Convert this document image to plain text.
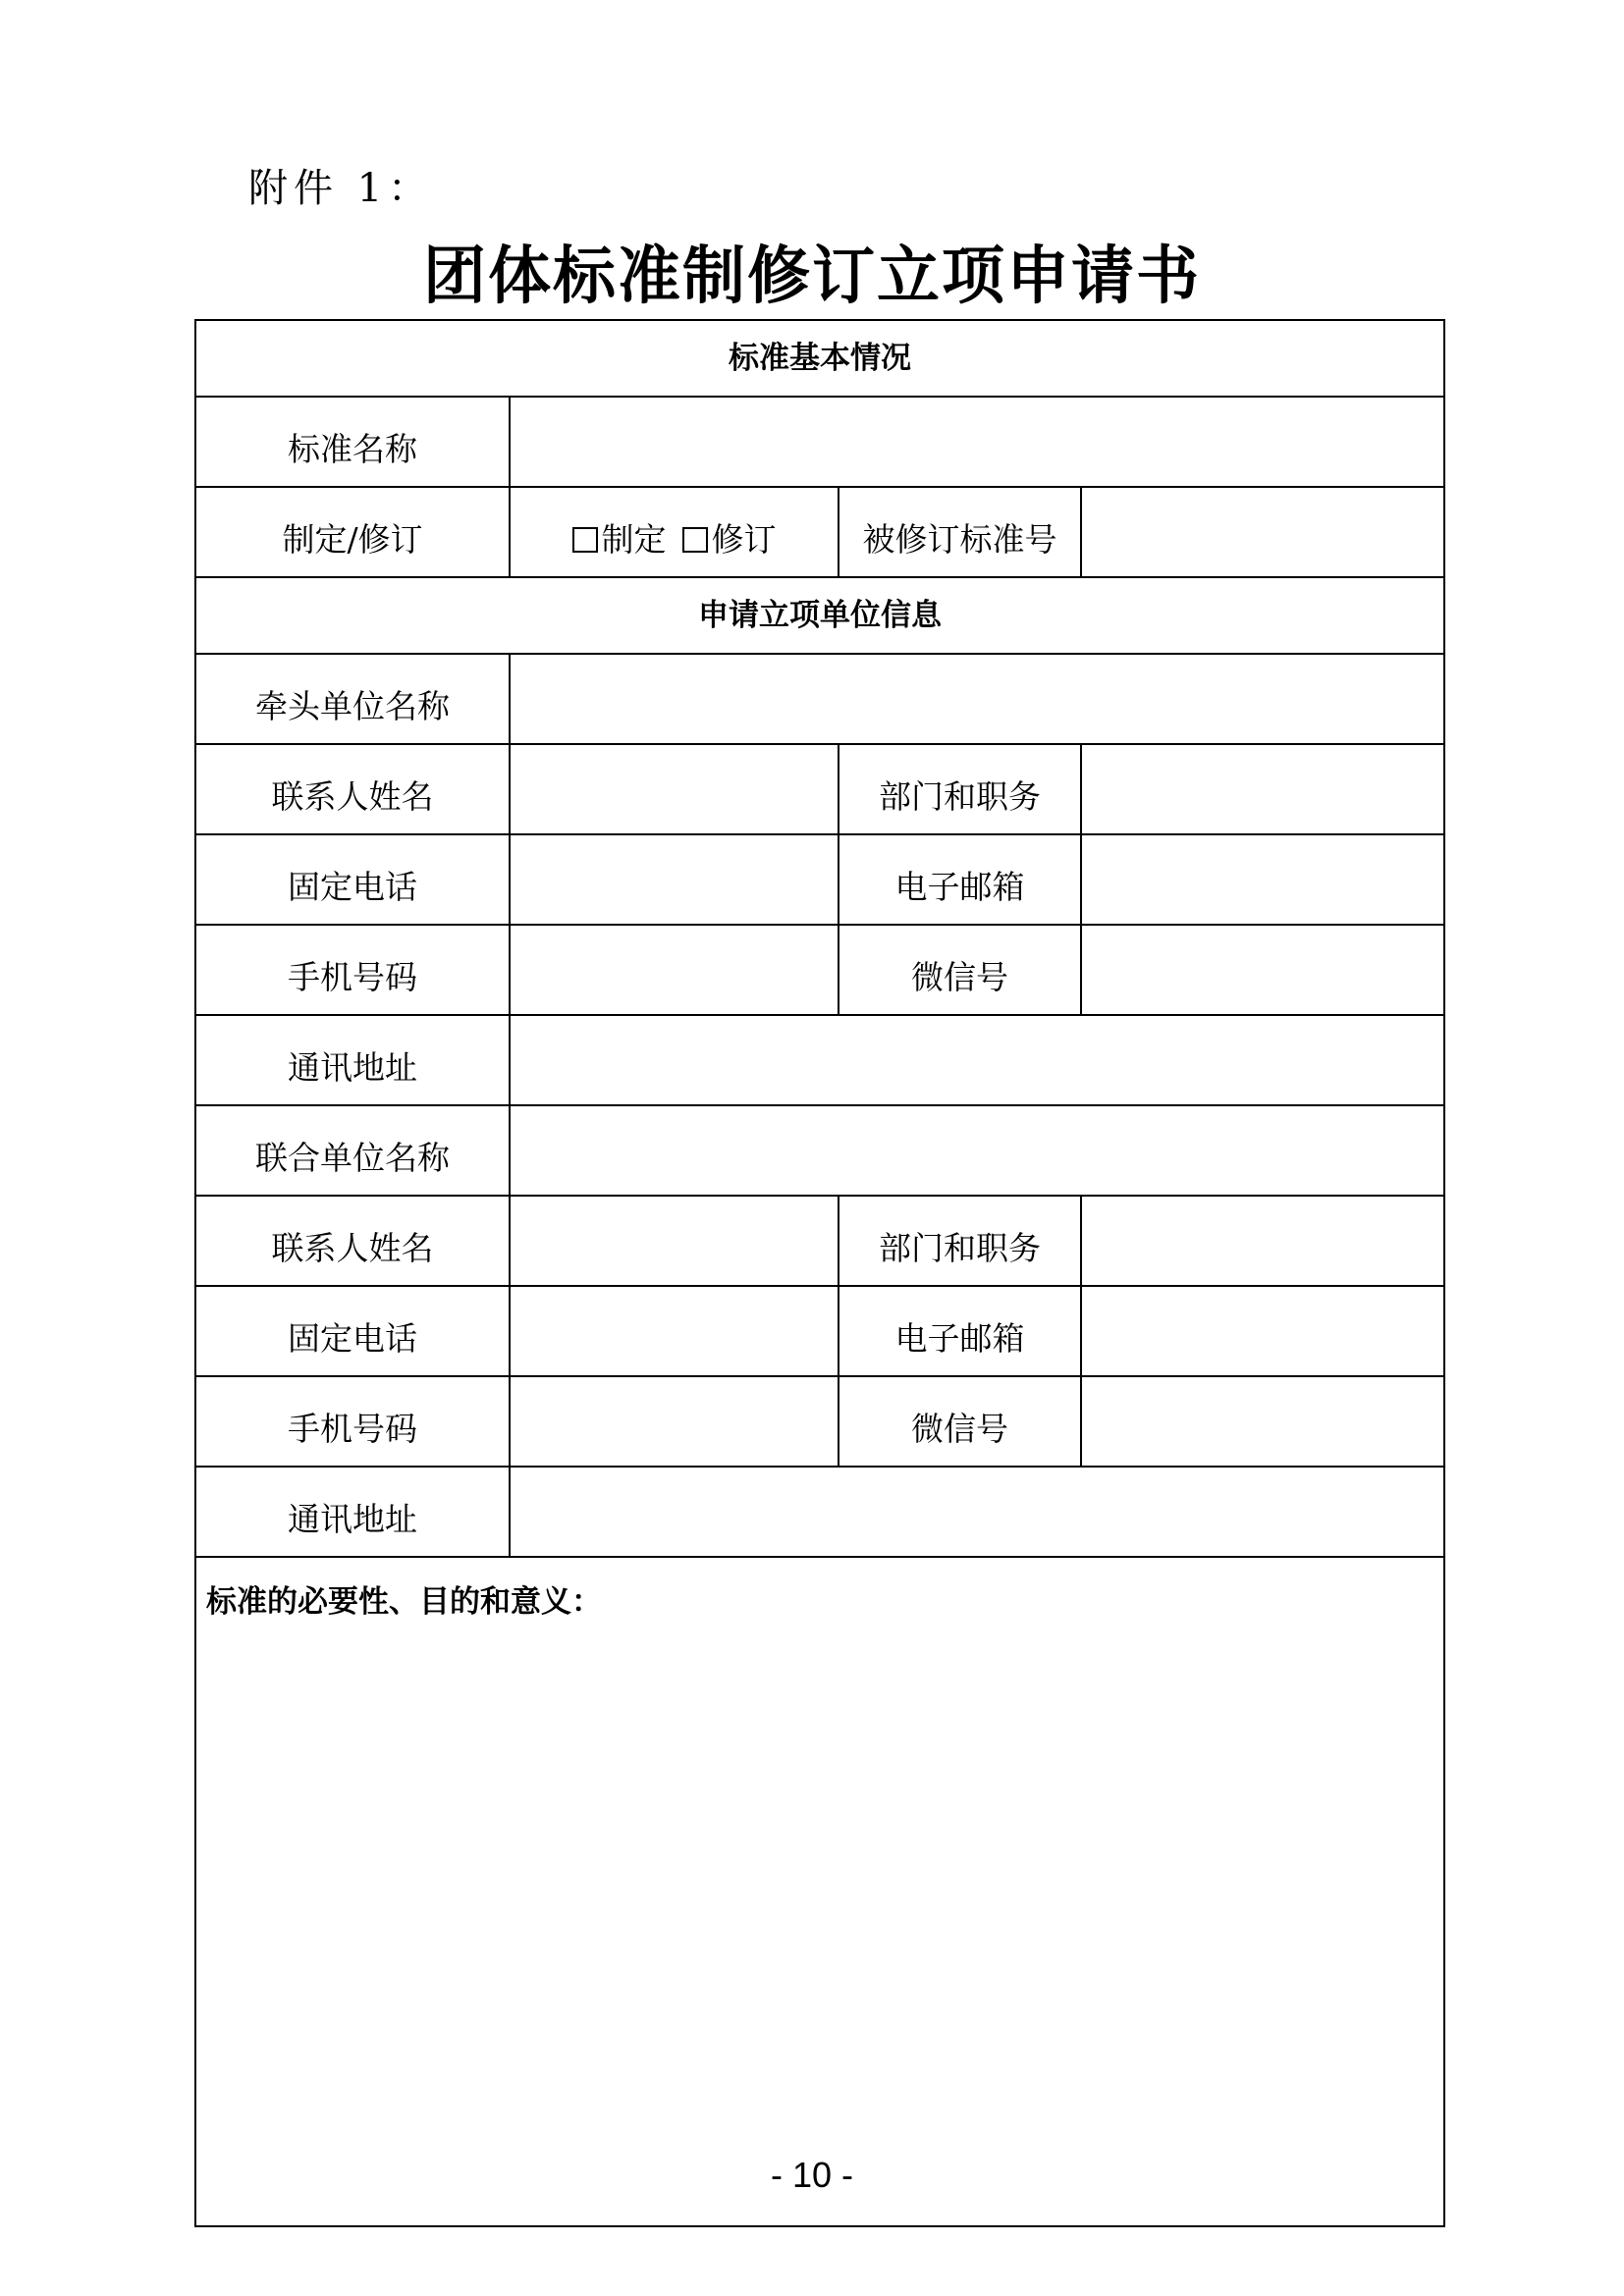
附件 1：
团体标准制修订立项申请书
标准基本情况			
标准名称			
制定/修订	制定 修订	被修订标准号	
申请立项单位信息			
牵头单位名称			
联系人姓名		部门和职务	
固定电话		电子邮箱	
手机号码		微信号	
通讯地址			
联合单位名称			
联系人姓名		部门和职务	
固定电话		电子邮箱	
手机号码		微信号	
通讯地址			
标准的必要性、目的和意义：			
- 10 -
